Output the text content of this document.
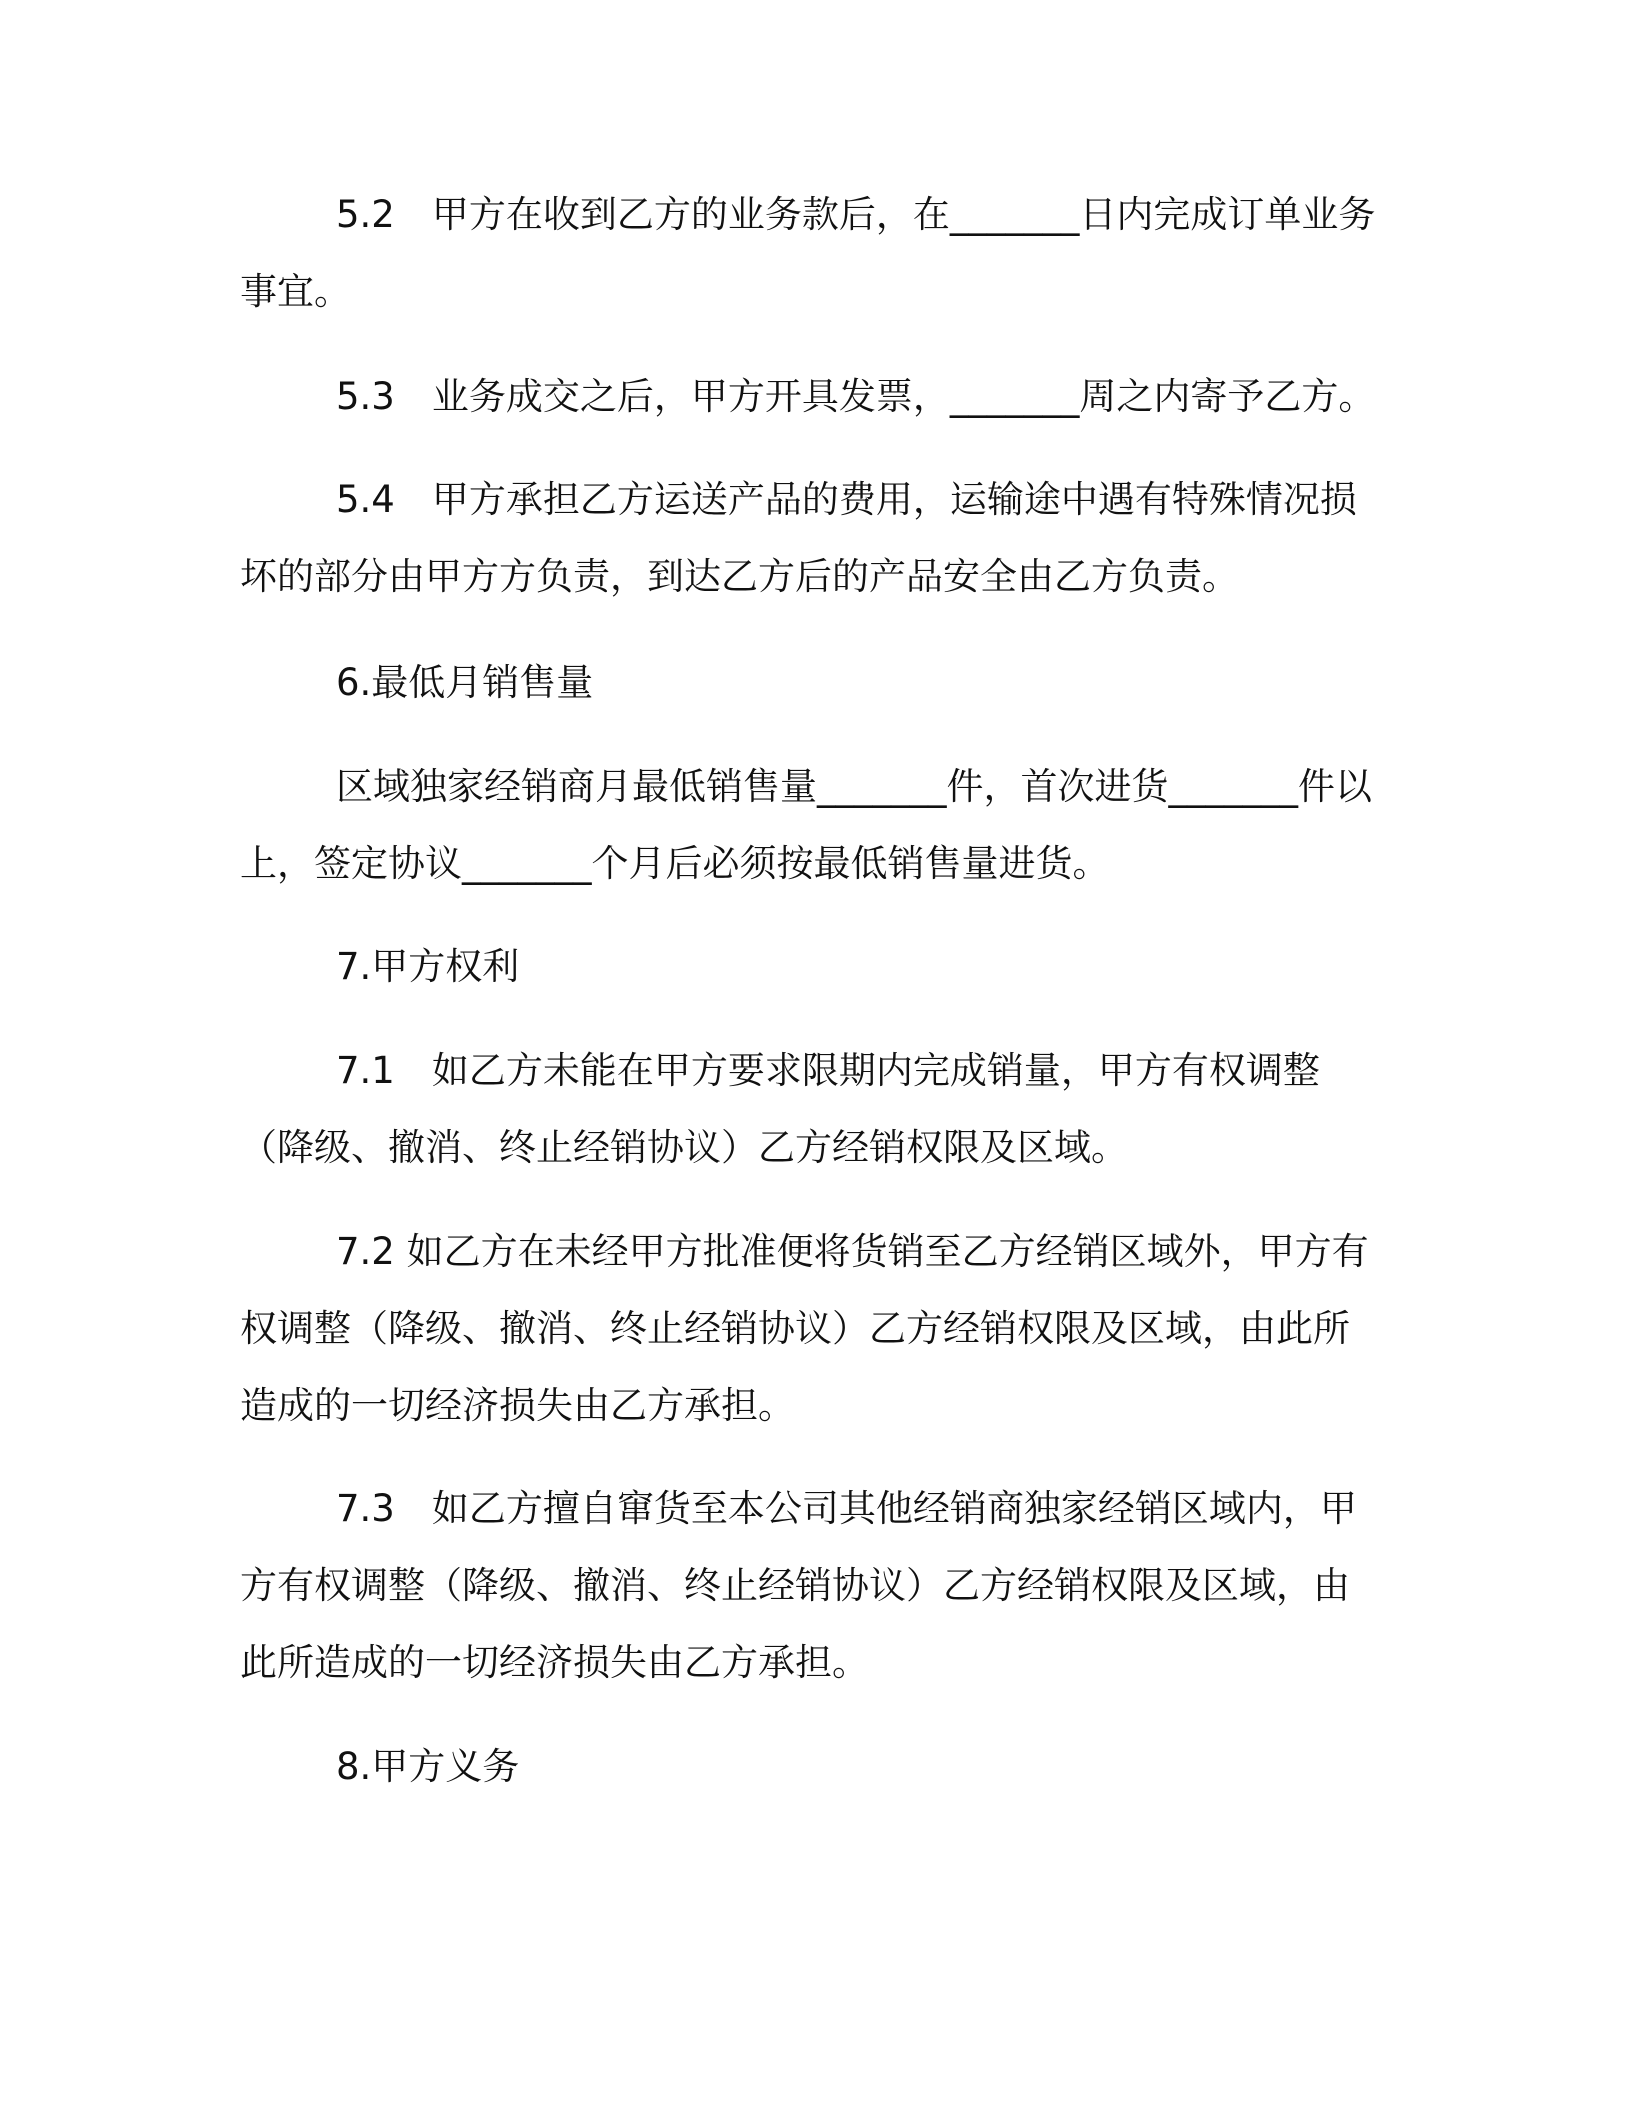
5.2　甲方在收到乙方的业务款后，在_______日内完成订单业务事宜。

5.3　业务成交之后，甲方开具发票，_______周之内寄予乙方。

5.4　甲方承担乙方运送产品的费用，运输途中遇有特殊情况损坏的部分由甲方方负责，到达乙方后的产品安全由乙方负责。

6.最低月销售量

区域独家经销商月最低销售量_______件，首次进货_______件以上，签定协议_______个月后必须按最低销售量进货。

7.甲方权利

7.1　如乙方未能在甲方要求限期内完成销量，甲方有权调整（降级、撤消、终止经销协议）乙方经销权限及区域。

7.2 如乙方在未经甲方批准便将货销至乙方经销区域外，甲方有权调整（降级、撤消、终止经销协议）乙方经销权限及区域，由此所造成的一切经济损失由乙方承担。

7.3　如乙方擅自窜货至本公司其他经销商独家经销区域内，甲方有权调整（降级、撤消、终止经销协议）乙方经销权限及区域，由此所造成的一切经济损失由乙方承担。

8.甲方义务
